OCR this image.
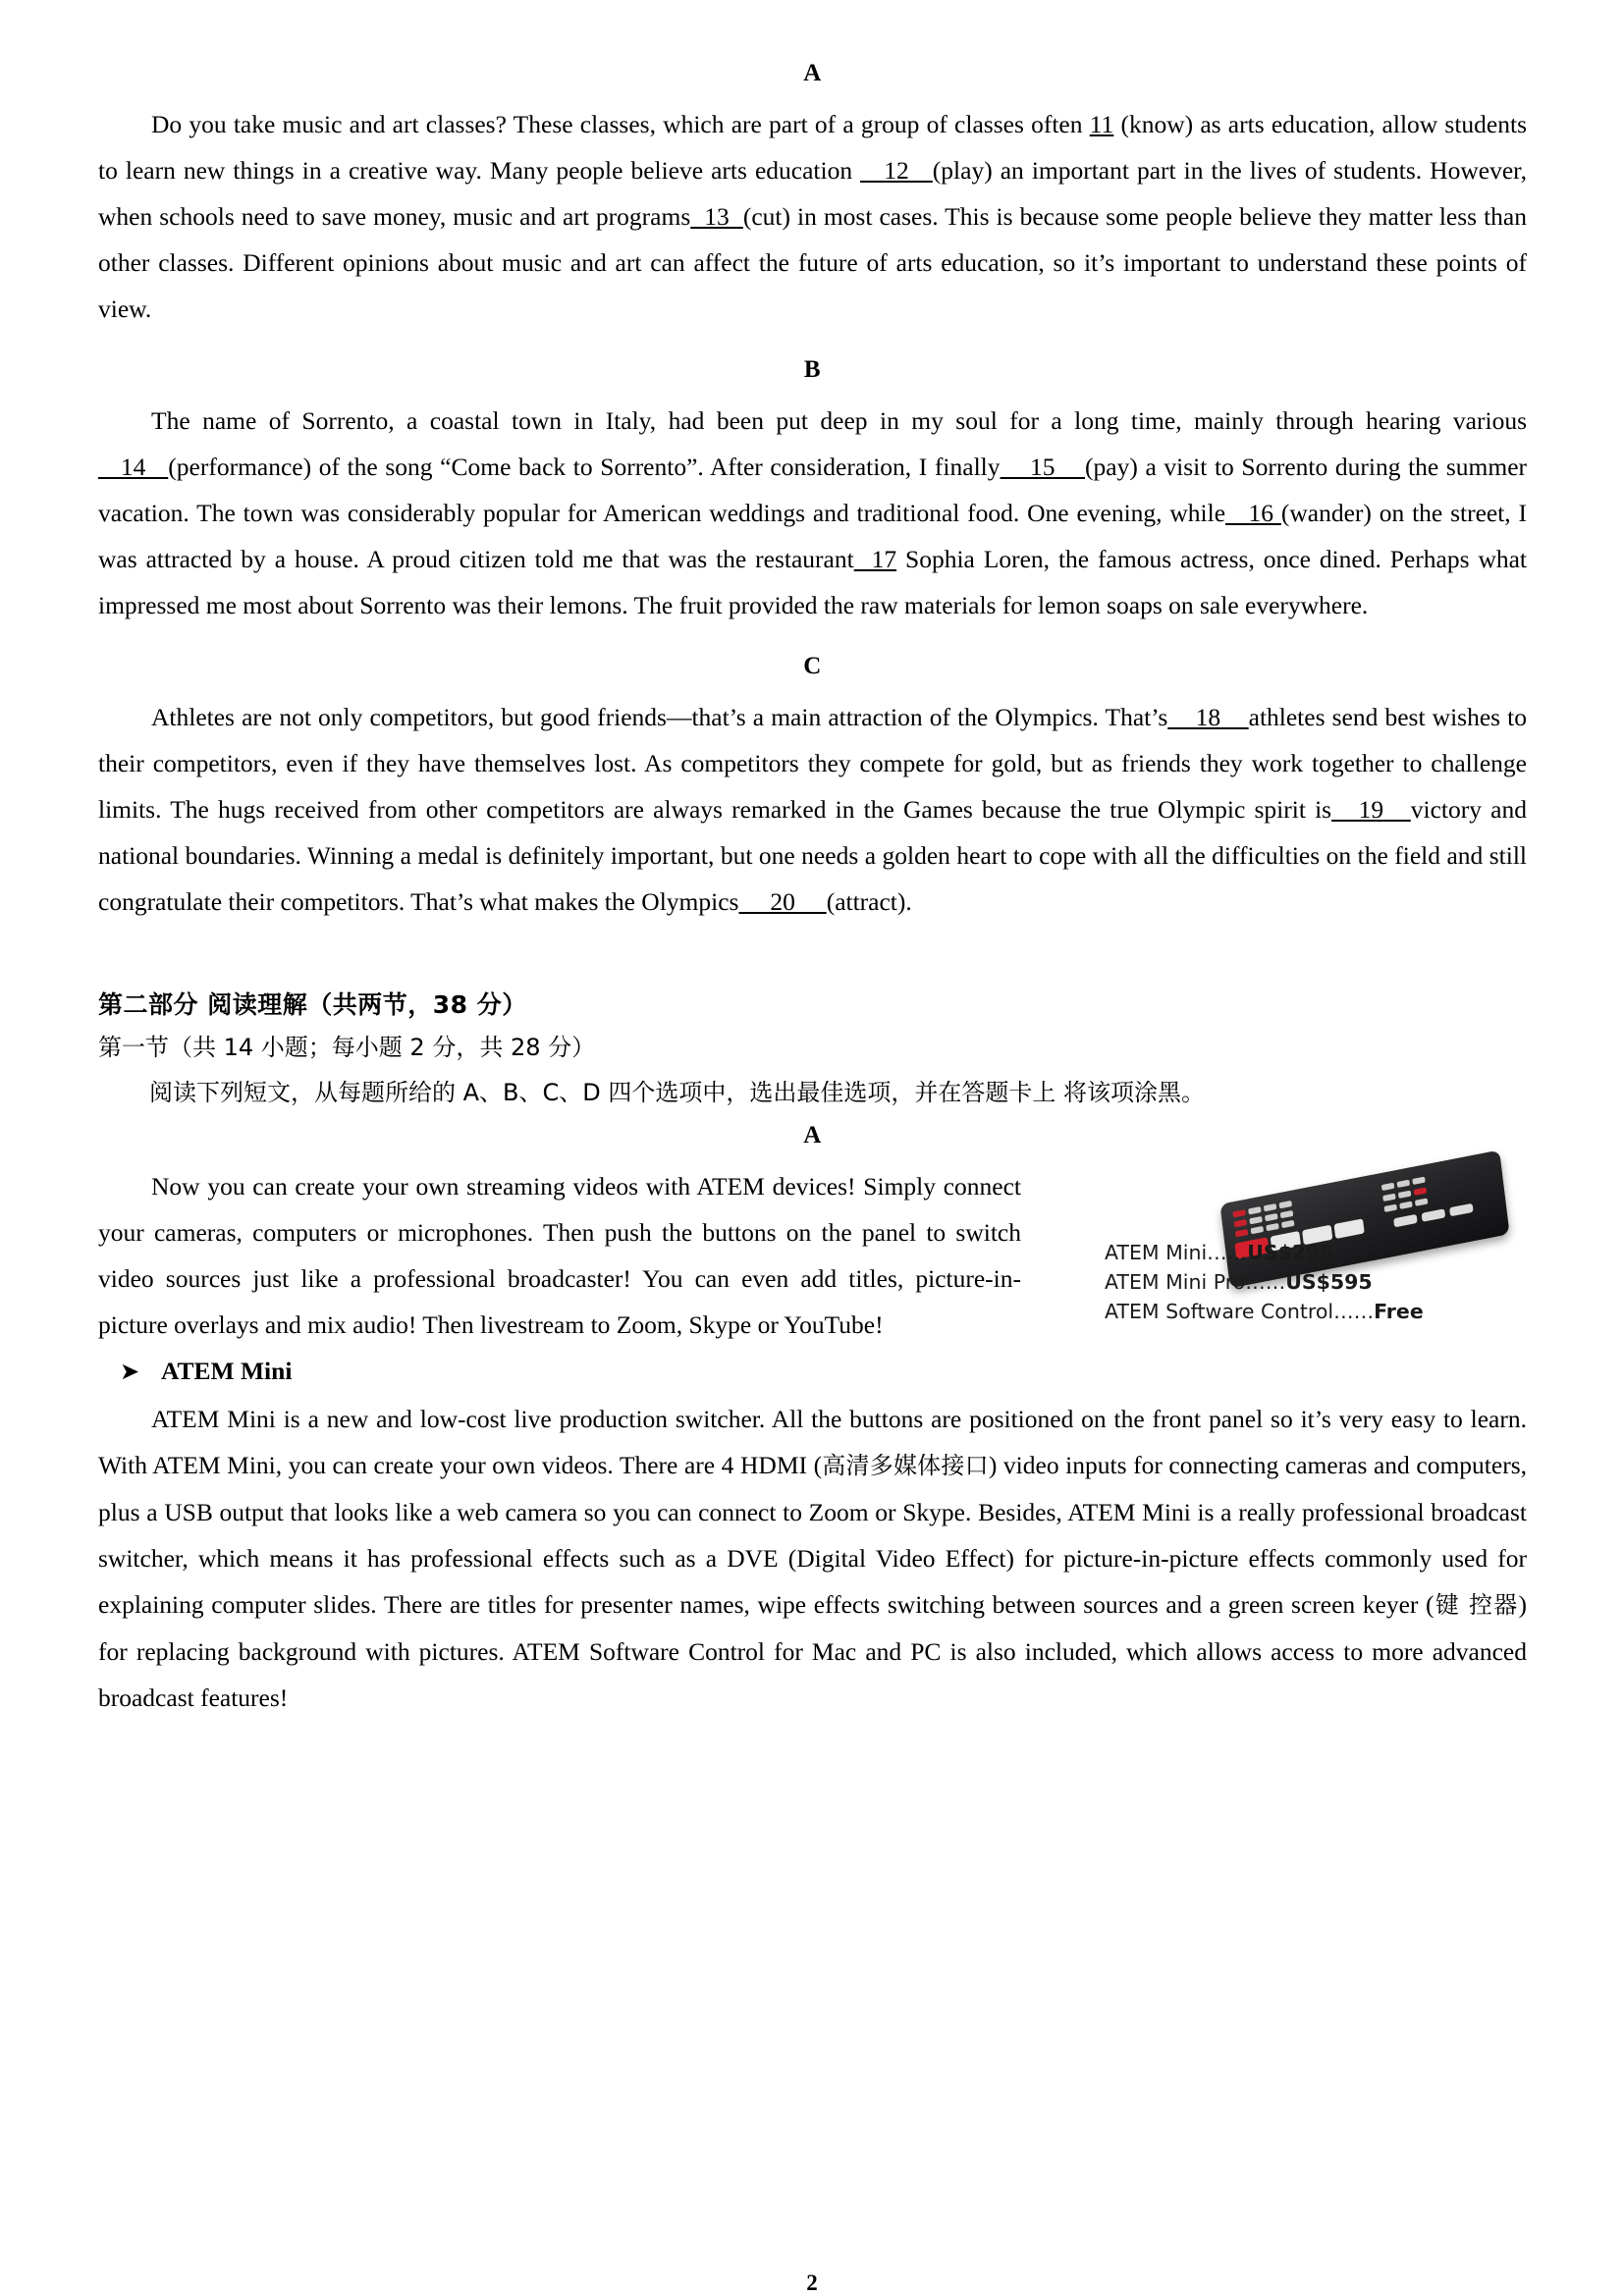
A

Do you take music and art classes? These classes, which are part of a group of classes often 11 (know) as arts education, allow students to learn new things in a creative way. Many people believe arts education    12   (play) an important part in the lives of students. However, when schools need to save money, music and art programs  13  (cut) in most cases. This is because some people believe they matter less than other classes. Different opinions about music and art can affect the future of arts education, so it’s important to understand these points of view.

B

The name of Sorrento, a coastal town in Italy, had been put deep in my soul for a long time, mainly through hearing various   14   (performance) of the song “Come back to Sorrento”. After consideration, I finally    15    (pay) a visit to Sorrento during the summer vacation. The town was considerably popular for American weddings and traditional food. One evening, while   16 (wander) on the street, I was attracted by a house. A proud citizen told me that was the restaurant  17 Sophia Loren, the famous actress, once dined. Perhaps what impressed me most about Sorrento was their lemons. The fruit provided the raw materials for lemon soaps on sale everywhere.

C

Athletes are not only competitors, but good friends—that’s a main attraction of the Olympics. That’s    18    athletes send best wishes to their competitors, even if they have themselves lost. As competitors they compete for gold, but as friends they work together to challenge limits. The hugs received from other competitors are always remarked in the Games because the true Olympic spirit is   19   victory and national boundaries. Winning a medal is definitely important, but one needs a golden heart to cope with all the difficulties on the field and still congratulate their competitors. That’s what makes the Olympics     20     (attract).

第二部分 阅读理解（共两节，38 分）

第一节（共 14 小题；每小题 2 分，共 28 分）

阅读下列短文，从每题所给的 A、B、C、D 四个选项中，选出最佳选项，并在答题卡上 将该项涂黑。

A
ATEM Mini……US$295
ATEM Mini Pro……US$595
ATEM Software Control……Free

Now you can create your own streaming videos with ATEM devices! Simply connect your cameras, computers or microphones. Then push the buttons on the panel to switch video sources just like a professional broadcaster! You can even add titles, picture-in-picture overlays and mix audio! Then livestream to Zoom, Skype or YouTube!

➤ ATEM Mini

ATEM Mini is a new and low-cost live production switcher. All the buttons are positioned on the front panel so it’s very easy to learn. With ATEM Mini, you can create your own videos. There are 4 HDMI (高清多媒体接口) video inputs for connecting cameras and computers, plus a USB output that looks like a web camera so you can connect to Zoom or Skype. Besides, ATEM Mini is a really professional broadcast switcher, which means it has professional effects such as a DVE (Digital Video Effect) for picture-in-picture effects commonly used for explaining computer slides. There are titles for presenter names, wipe effects switching between sources and a green screen keyer (键 控器) for replacing background with pictures. ATEM Software Control for Mac and PC is also included, which allows access to more advanced broadcast features!

2
